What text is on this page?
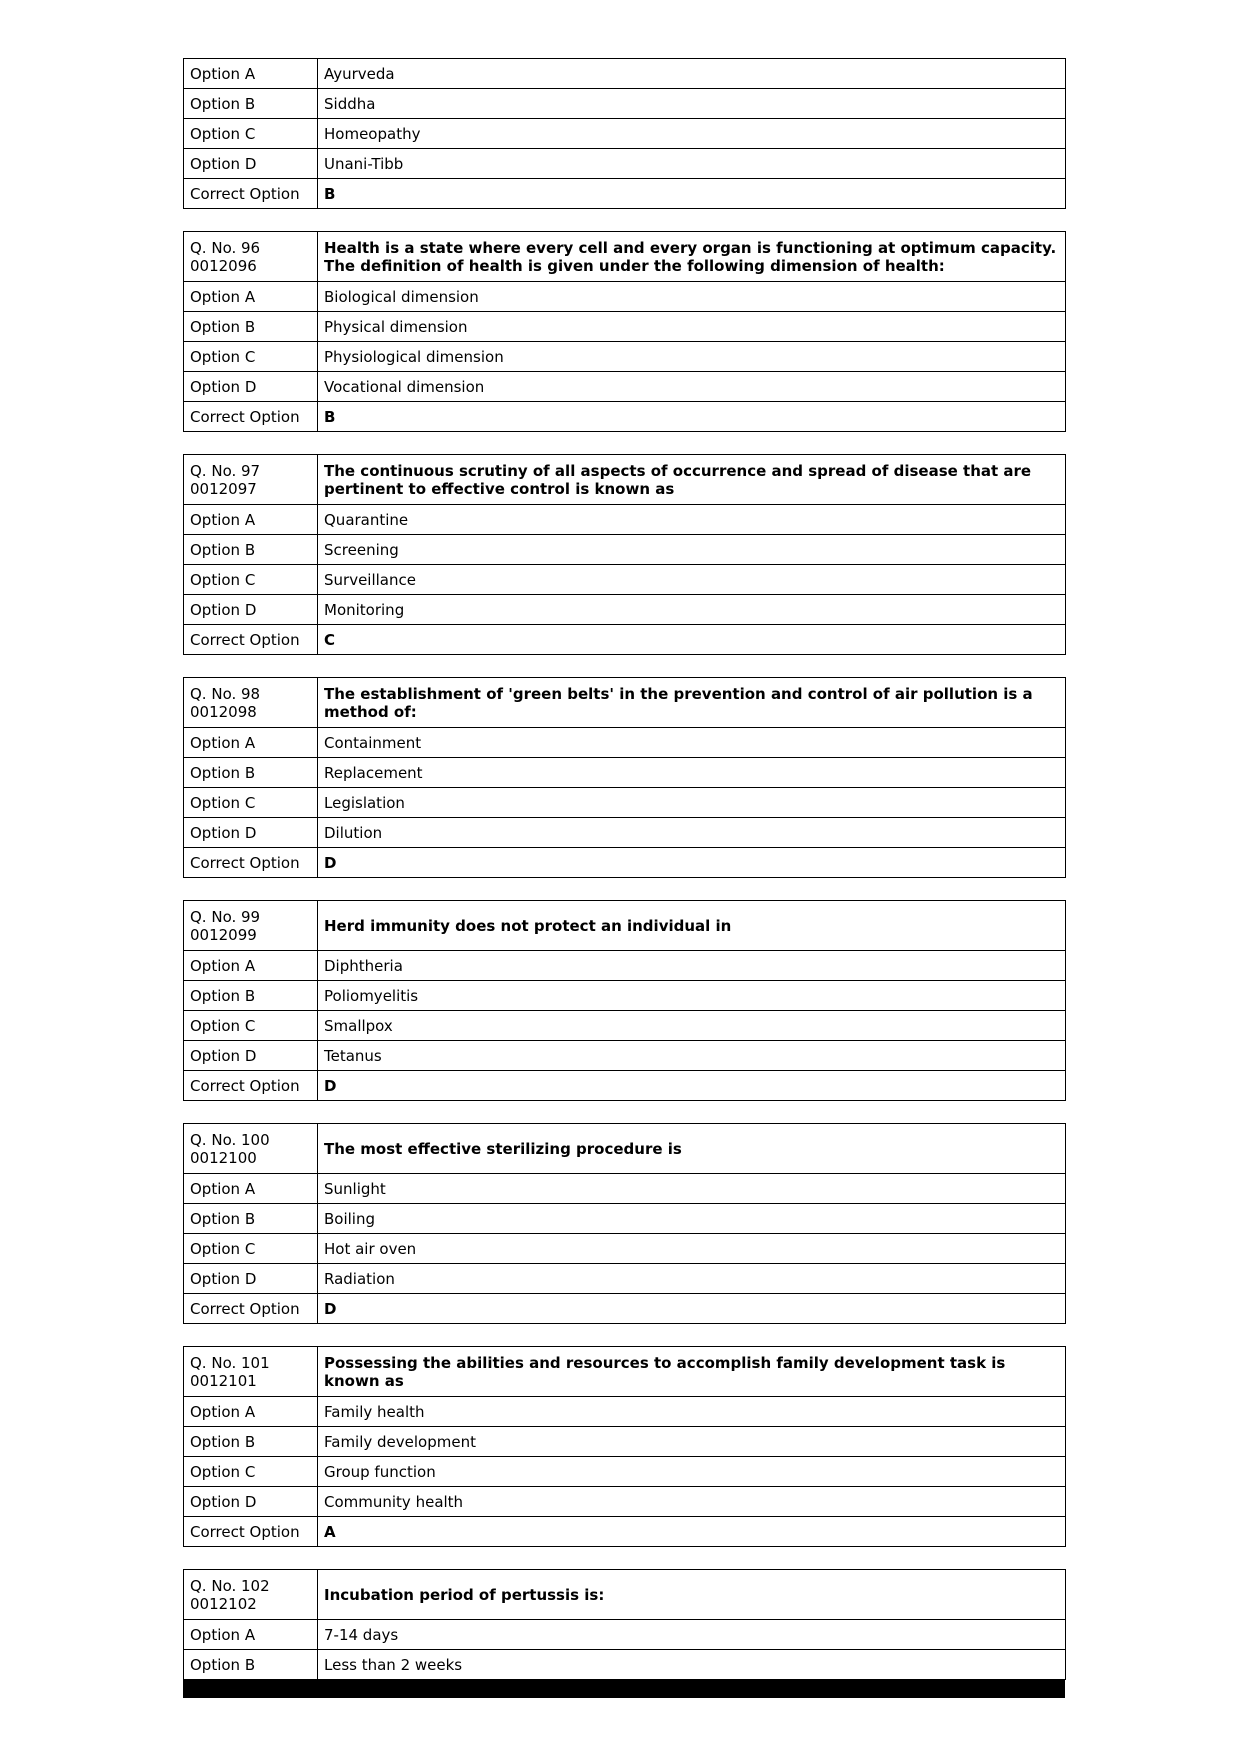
Option A	Ayurveda
Option B	Siddha
Option C	Homeopathy
Option D	Unani-Tibb
Correct Option	B
Q. No. 96
0012096	Health is a state where every cell and every organ is functioning at optimum capacity. The definition of health is given under the following dimension of health:
Option A	Biological dimension
Option B	Physical dimension
Option C	Physiological dimension
Option D	Vocational dimension
Correct Option	B
Q. No. 97
0012097	The continuous scrutiny of all aspects of occurrence and spread of disease that are pertinent to effective control is known as
Option A	Quarantine
Option B	Screening
Option C	Surveillance
Option D	Monitoring
Correct Option	C
Q. No. 98
0012098	The establishment of 'green belts' in the prevention and control of air pollution is a method of:
Option A	Containment
Option B	Replacement
Option C	Legislation
Option D	Dilution
Correct Option	D
Q. No. 99
0012099	Herd immunity does not protect an individual in
Option A	Diphtheria
Option B	Poliomyelitis
Option C	Smallpox
Option D	Tetanus
Correct Option	D
Q. No. 100
0012100	The most effective sterilizing procedure is
Option A	Sunlight
Option B	Boiling
Option C	Hot air oven
Option D	Radiation
Correct Option	D
Q. No. 101
0012101	Possessing the abilities and resources to accomplish family development task is known as
Option A	Family health
Option B	Family development
Option C	Group function
Option D	Community health
Correct Option	A
Q. No. 102
0012102	Incubation period of pertussis is:
Option A	7-14 days
Option B	Less than 2 weeks
